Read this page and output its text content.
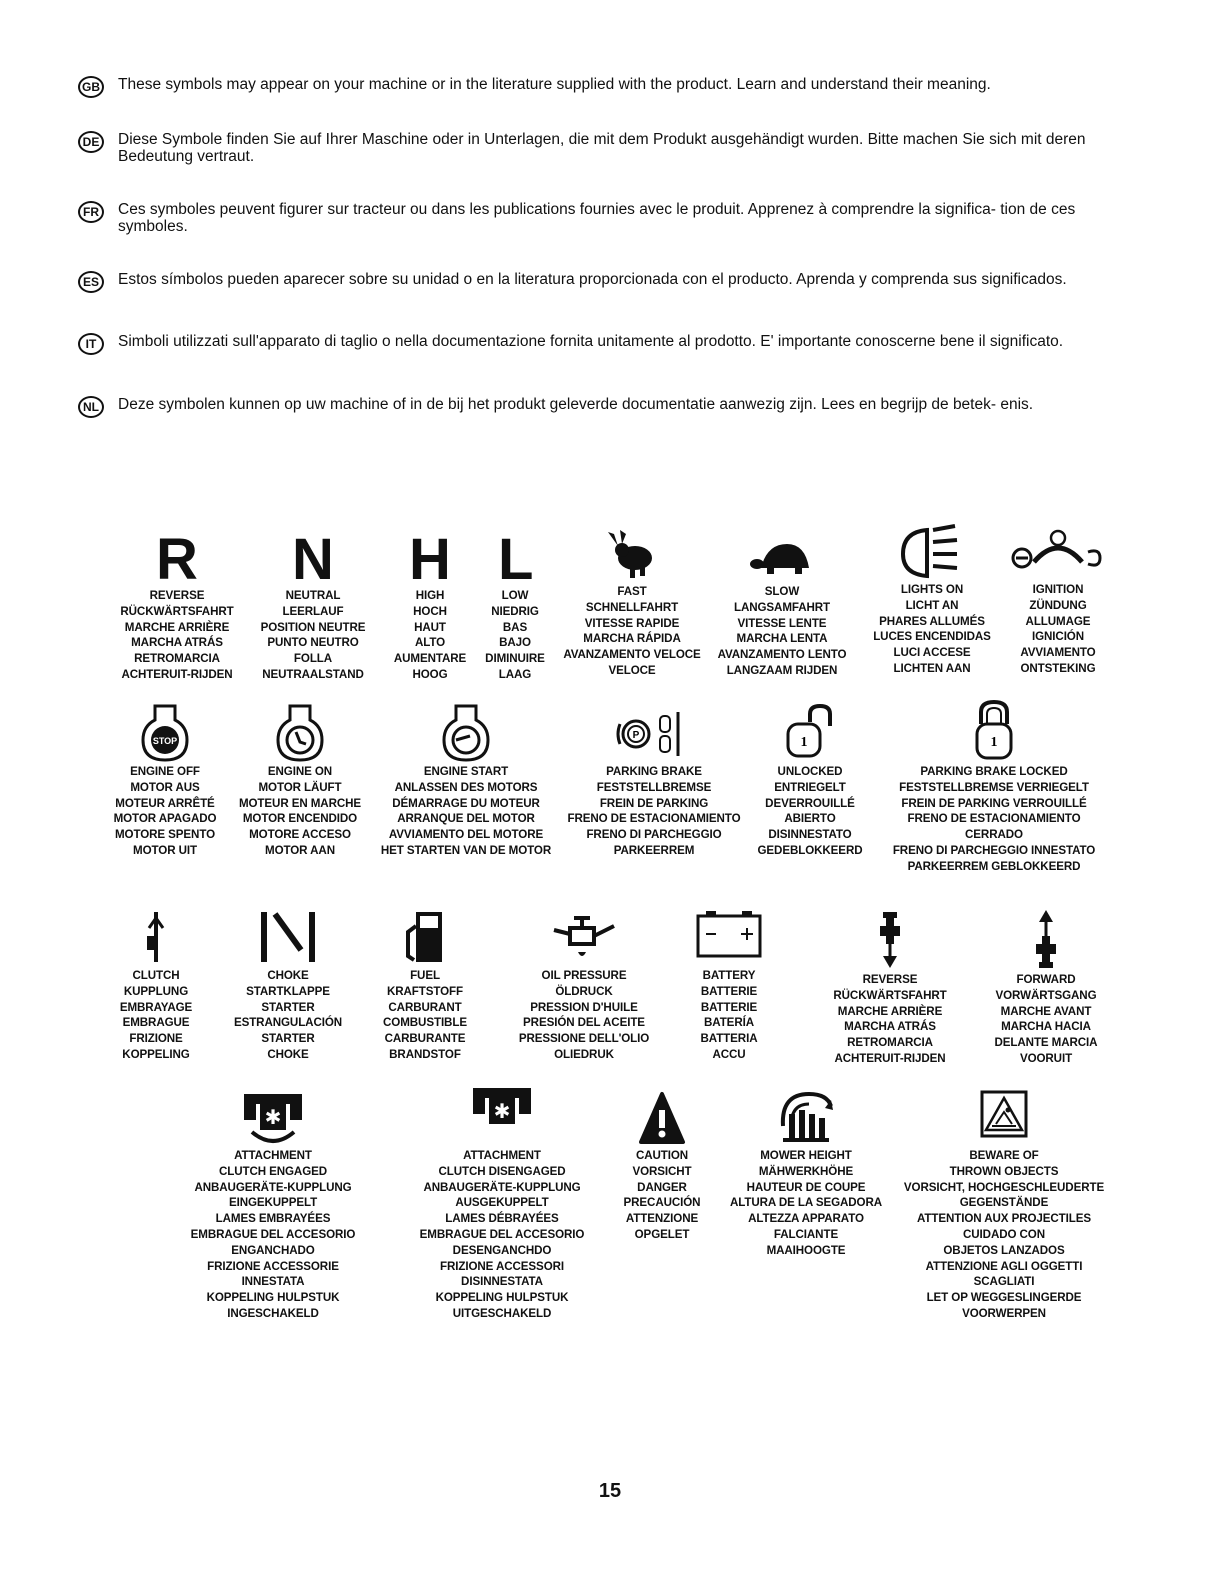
GB These symbols may appear on your machine or in the literature supplied with the product. Learn and understand their meaning.
DE	Diese Symbole finden Sie auf Ihrer Maschine oder in Unterlagen, die mit dem Produkt ausgehändigt wurden. Bitte machen Sie sich mit deren Bedeutung vertraut.
FR	Ces symboles peuvent figurer sur tracteur ou dans les publications fournies avec le produit. Apprenez à comprendre la significa- tion de ces symboles.
ES	Estos símbolos pueden aparecer sobre su unidad o en la literatura proporcionada con el producto. Aprenda y comprenda sus significados.
IT	Simboli utilizzati sull'apparato di taglio o nella documentazione fornita unitamente al prodotto. E' importante conoscerne bene il significato.
NL	Deze symbolen kunnen op uw machine of in de bij het produkt geleverde documentatie aanwezig zijn. Lees en begrijp de betek- enis.
R
REVERSE
RÜCKWÄRTSFAHRT
MARCHE ARRIÈRE
MARCHA ATRÁS
RETROMARCIA
ACHTERUIT-RIJDEN
N
NEUTRAL
LEERLAUF
POSITION NEUTRE
PUNTO NEUTRO
FOLLA
NEUTRAALSTAND
H
HIGH
HOCH
HAUT
ALTO
AUMENTARE
HOOG
L
LOW
NIEDRIG
BAS
BAJO
DIMINUIRE
LAAG
FAST
SCHNELLFAHRT
VITESSE RAPIDE
MARCHA RÁPIDA
AVANZAMENTO VELOCE
VELOCE
SLOW
LANGSAMFAHRT
VITESSE LENTE
MARCHA LENTA
AVANZAMENTO LENTO
LANGZAAM RIJDEN
LIGHTS ON
LICHT AN
PHARES ALLUMÉS
LUCES ENCENDIDAS
LUCI ACCESE
LICHTEN AAN
IGNITION
ZÜNDUNG
ALLUMAGE
IGNICIÓN
AVVIAMENTO
ONTSTEKING
STOP
ENGINE OFF
MOTOR AUS
MOTEUR ARRÊTÉ
MOTOR APAGADO
MOTORE SPENTO
MOTOR UIT
ENGINE ON
MOTOR LÄUFT
MOTEUR EN MARCHE
MOTOR ENCENDIDO
MOTORE ACCESO
MOTOR AAN
ENGINE START
ANLASSEN DES MOTORS
DÉMARRAGE DU MOTEUR
ARRANQUE DEL MOTOR
AVVIAMENTO DEL MOTORE
HET STARTEN VAN DE MOTOR
P
PARKING BRAKE
FESTSTELLBREMSE
FREIN DE PARKING
FRENO DE ESTACIONAMIENTO
FRENO DI PARCHEGGIO
PARKEERREM
1
UNLOCKED
ENTRIEGELT
DEVERROUILLÉ
ABIERTO
DISINNESTATO
GEDEBLOKKEERD
1
PARKING BRAKE LOCKED
FESTSTELLBREMSE VERRIEGELT
FREIN DE PARKING VERROUILLÉ
FRENO DE ESTACIONAMIENTO
CERRADO
FRENO DI PARCHEGGIO INNESTATO
PARKEERREM GEBLOKKEERD
CLUTCH
KUPPLUNG
EMBRAYAGE
EMBRAGUE
FRIZIONE
KOPPELING
CHOKE
STARTKLAPPE
STARTER
ESTRANGULACIÓN
STARTER
CHOKE
FUEL
KRAFTSTOFF
CARBURANT
COMBUSTIBLE
CARBURANTE
BRANDSTOF
OIL PRESSURE
ÖLDRUCK
PRESSION D'HUILE
PRESIÓN DEL ACEITE
PRESSIONE DELL'OLIO
OLIEDRUK
BATTERY
BATTERIE
BATTERIE
BATERÍA
BATTERIA
ACCU
REVERSE
RÜCKWÄRTSFAHRT
MARCHE ARRIÈRE
MARCHA ATRÁS
RETROMARCIA
ACHTERUIT-RIJDEN
FORWARD
VORWÄRTSGANG
MARCHE AVANT
MARCHA HACIA
DELANTE MARCIA
VOORUIT
✱
ATTACHMENT
CLUTCH ENGAGED
ANBAUGERÄTE-KUPPLUNG
EINGEKUPPELT
LAMES EMBRAYÉES
EMBRAGUE DEL ACCESORIO
ENGANCHADO
FRIZIONE ACCESSORIE
INNESTATA
KOPPELING HULPSTUK
INGESCHAKELD
✱
ATTACHMENT
CLUTCH DISENGAGED
ANBAUGERÄTE-KUPPLUNG
AUSGEKUPPELT
LAMES DÉBRAYÉES
EMBRAGUE DEL ACCESORIO
DESENGANCHDO
FRIZIONE ACCESSORI
DISINNESTATA
KOPPELING HULPSTUK
UITGESCHAKELD
CAUTION
VORSICHT
DANGER
PRECAUCIÓN
ATTENZIONE
OPGELET
MOWER HEIGHT
MÄHWERKHÖHE
HAUTEUR DE COUPE
ALTURA DE LA SEGADORA
ALTEZZA APPARATO
FALCIANTE
MAAIHOOGTE
BEWARE OF
THROWN OBJECTS
VORSICHT, HOCHGESCHLEUDERTE
GEGENSTÄNDE
ATTENTION AUX PROJECTILES
CUIDADO CON
OBJETOS LANZADOS
ATTENZIONE AGLI OGGETTI
SCAGLIATI
LET OP WEGGESLINGERDE
VOORWERPEN
15
